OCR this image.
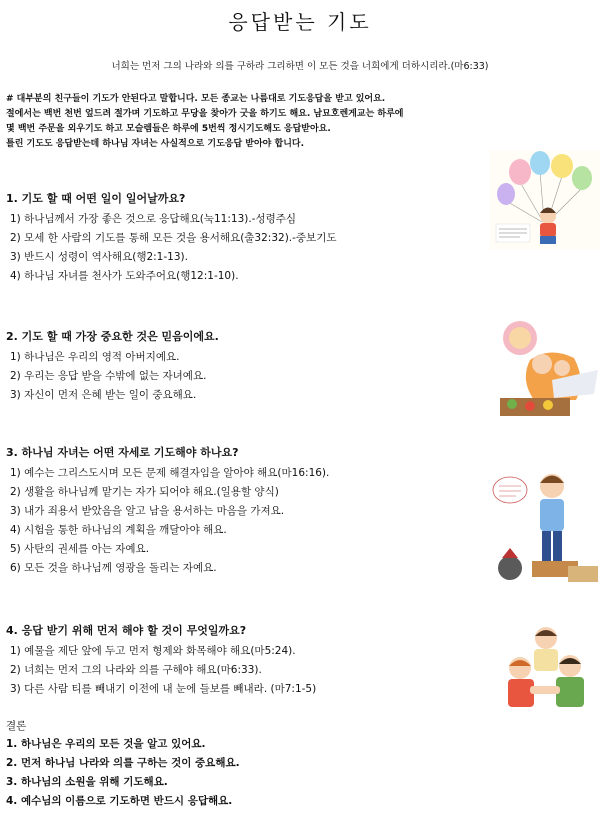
응답받는 기도
너희는 먼저 그의 나라와 의를 구하라 그리하면 이 모든 것을 너희에게 더하시리라.(마6:33)
# 대부분의 친구들이 기도가 안된다고 말합니다. 모든 종교는 나름대로 기도응답을 받고 있어요.
절에서는 백번 천번 엎드려 절가며 기도하고 무당을 찾아가 굿을 하기도 해요. 남묘호렌게교는 하루에
몇 백번 주문을 외우기도 하고 모슬렘들은 하루에 5번씩 정시기도해도 응답받아요.
틀린 기도도 응답받는데 하나님 자녀는 사실적으로 기도응답 받아야 합니다.
1. 기도 할 때 어떤 일이 일어날까요?
1) 하나님께서 가장 좋은 것으로 응답해요(눅11:13).-성령주심
2) 모세 한 사람의 기도를 통해 모든 것을 용서해요(출32:32).-중보기도
3) 반드시 성령이 역사해요(행2:1-13).
4) 하나님 자녀를 천사가 도와주어요(행12:1-10).
2. 기도 할 때 가장 중요한 것은 믿음이에요.
1) 하나님은 우리의 영적 아버지예요.
2) 우리는 응답 받을 수밖에 없는 자녀예요.
3) 자신이 먼저 은혜 받는 일이 중요해요.
3. 하나님 자녀는 어떤 자세로 기도해야 하나요?
1) 예수는 그리스도시며 모든 문제 해결자임을 알아야 해요(마16:16).
2) 생활을 하나님께 맡기는 자가 되어야 해요.(일용할 양식)
3) 내가 죄용서 받았음을 알고 남을 용서하는 마음을 가져요.
4) 시험을 통한 하나님의 계획을 깨달아야 해요.
5) 사탄의 권세를 아는 자예요.
6) 모든 것을 하나님께 영광을 돌리는 자예요.
4. 응답 받기 위해 먼저 해야 할 것이 무엇일까요?
1) 예물을 제단 앞에 두고 먼저 형제와 화목해야 해요(마5:24).
2) 너희는 먼저 그의 나라와 의를 구해야 해요(마6:33).
3) 다른 사람 티를 빼내기 이전에 내 눈에 들보를 빼내라. (마7:1-5)
결론
1. 하나님은 우리의 모든 것을 알고 있어요.
2. 먼저 하나님 나라와 의를 구하는 것이 중요해요.
3. 하나님의 소원을 위해 기도해요.
4. 예수님의 이름으로 기도하면 반드시 응답해요.
